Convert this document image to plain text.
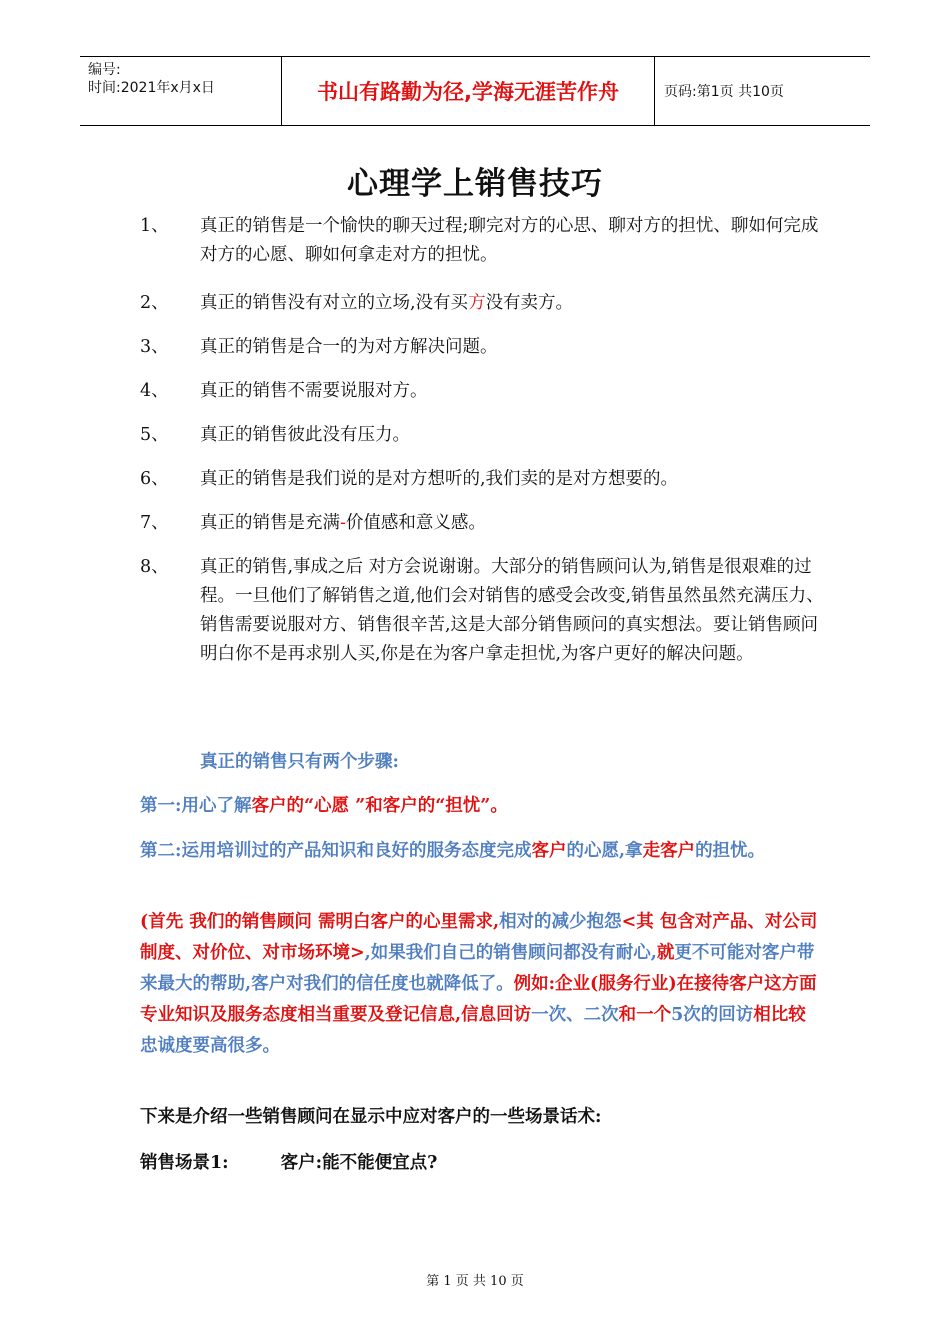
编号:
时间:2021年x月x日	书山有路勤为径,学海无涯苦作舟	页码:第1页 共10页
心理学上销售技巧
1、 真正的销售是一个愉快的聊天过程;聊完对方的心思、聊对方的担忧、聊如何完成对方的心愿、聊如何拿走对方的担忧。
2、 真正的销售没有对立的立场,没有买方没有卖方。
3、 真正的销售是合一的为对方解决问题。
4、 真正的销售不需要说服对方。
5、 真正的销售彼此没有压力。
6、 真正的销售是我们说的是对方想听的,我们卖的是对方想要的。
7、 真正的销售是充满-价值感和意义感。
8、 真正的销售,事成之后 对方会说谢谢。大部分的销售顾问认为,销售是很艰难的过程。一旦他们了解销售之道,他们会对销售的感受会改变,销售虽然虽然充满压力、销售需要说服对方、销售很辛苦,这是大部分销售顾问的真实想法。要让销售顾问明白你不是再求别人买,你是在为客户拿走担忧,为客户更好的解决问题。
真正的销售只有两个步骤:
第一:用心了解客户的“心愿 ”和客户的“担忧”。
第二:运用培训过的产品知识和良好的服务态度完成客户的心愿,拿走客户的担忧。
(首先 我们的销售顾问 需明白客户的心里需求,相对的减少抱怨<其 包含对产品、对公司制度、对价位、对市场环境>,如果我们自己的销售顾问都没有耐心,就更不可能对客户带来最大的帮助,客户对我们的信任度也就降低了。例如:企业(服务行业)在接待客户这方面 专业知识及服务态度相当重要及登记信息,信息回访一次、二次和一个5次的回访相比较忠诚度要高很多。
下来是介绍一些销售顾问在显示中应对客户的一些场景话术:
销售场景1:	客户:能不能便宜点?
第 1 页 共 10 页
